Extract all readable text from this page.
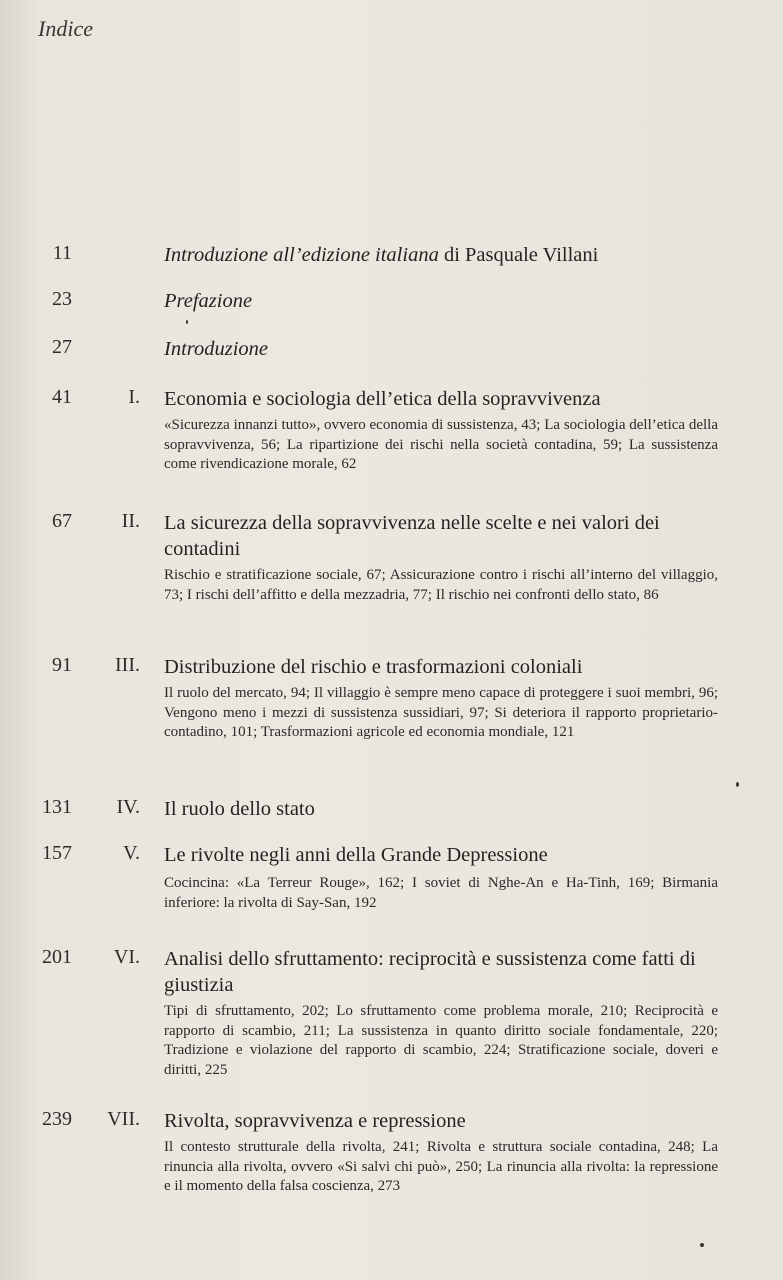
Indice
11	Introduzione all’edizione italiana di Pasquale Villani
23	Prefazione
27	Introduzione
41	I. Economia e sociologia dell’etica della sopravvivenza
«Sicurezza innanzi tutto», ovvero economia di sussistenza, 43; La sociologia dell’etica della sopravvivenza, 56; La ripartizione dei rischi nella società contadina, 59; La sussistenza come rivendicazione morale, 62
67	II. La sicurezza della sopravvivenza nelle scelte e nei valori dei contadini
Rischio e stratificazione sociale, 67; Assicurazione contro i rischi all’interno del villaggio, 73; I rischi dell’affitto e della mezzadria, 77; Il rischio nei confronti dello stato, 86
91	III. Distribuzione del rischio e trasformazioni coloniali
Il ruolo del mercato, 94; Il villaggio è sempre meno capace di proteggere i suoi membri, 96; Vengono meno i mezzi di sussistenza sussidiari, 97; Si deteriora il rapporto proprietario-contadino, 101; Trasformazioni agricole ed economia mondiale, 121
131	IV. Il ruolo dello stato
157	V. Le rivolte negli anni della Grande Depressione
Cocincina: «La Terreur Rouge», 162; I soviet di Nghe-An e Ha-Tinh, 169; Birmania inferiore: la rivolta di Say-San, 192
201	VI. Analisi dello sfruttamento: reciprocità e sussistenza come fatti di giustizia
Tipi di sfruttamento, 202; Lo sfruttamento come problema morale, 210; Reciprocità e rapporto di scambio, 211; La sussistenza in quanto diritto sociale fondamentale, 220; Tradizione e violazione del rapporto di scambio, 224; Stratificazione sociale, doveri e diritti, 225
239	VII. Rivolta, sopravvivenza e repressione
Il contesto strutturale della rivolta, 241; Rivolta e struttura sociale contadina, 248; La rinuncia alla rivolta, ovvero «Si salvi chi può», 250; La rinuncia alla rivolta: la repressione e il momento della falsa coscienza, 273
